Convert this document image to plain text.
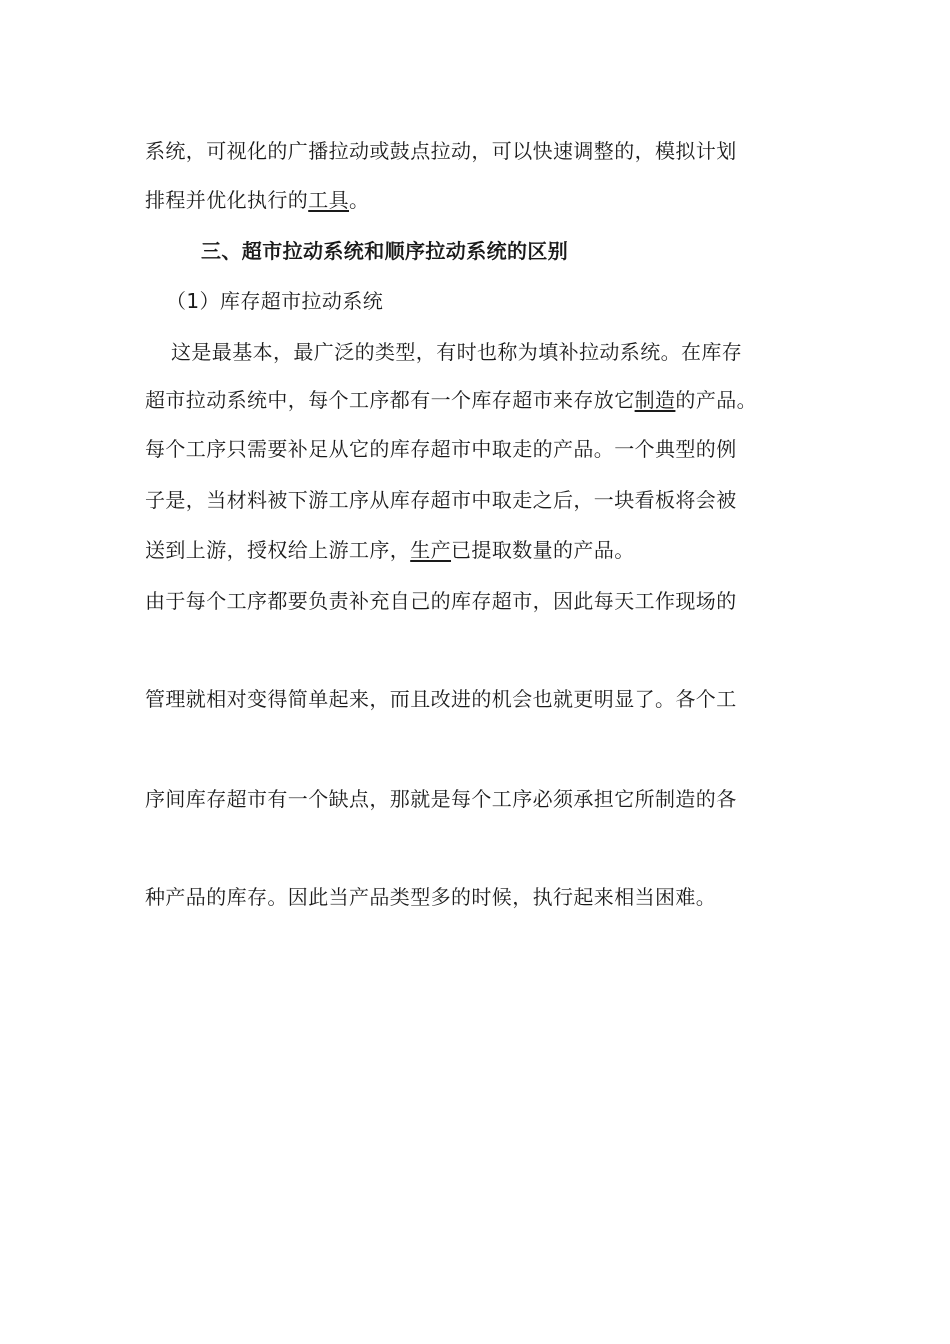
系统，可视化的广播拉动或鼓点拉动，可以快速调整的，模拟计划
排程并优化执行的工具。
三、超市拉动系统和顺序拉动系统的区别
（1）库存超市拉动系统
这是最基本，最广泛的类型，有时也称为填补拉动系统。在库存
超市拉动系统中，每个工序都有一个库存超市来存放它制造的产品。
每个工序只需要补足从它的库存超市中取走的产品。一个典型的例
子是，当材料被下游工序从库存超市中取走之后，一块看板将会被
送到上游，授权给上游工序，生产已提取数量的产品。
由于每个工序都要负责补充自己的库存超市，因此每天工作现场的
管理就相对变得简单起来，而且改进的机会也就更明显了。各个工
序间库存超市有一个缺点，那就是每个工序必须承担它所制造的各
种产品的库存。因此当产品类型多的时候，执行起来相当困难。
